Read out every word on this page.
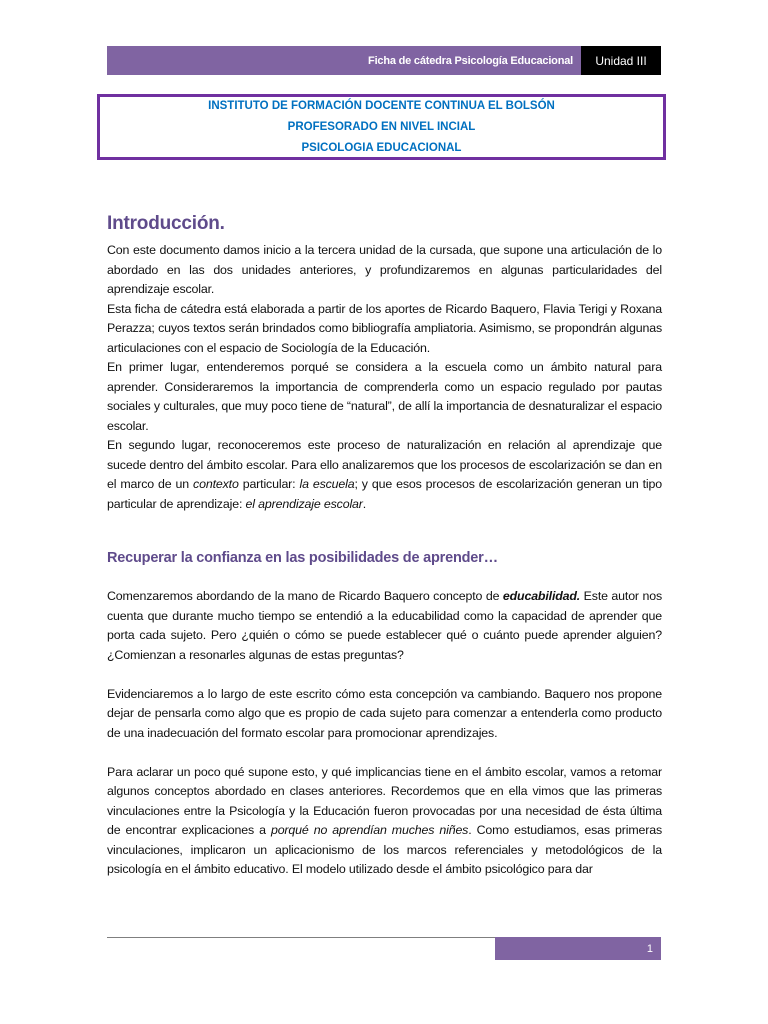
Ficha de cátedra Psicología Educacional	Unidad III
INSTITUTO DE FORMACIÓN DOCENTE CONTINUA EL BOLSÓN
PROFESORADO EN NIVEL INCIAL
PSICOLOGIA EDUCACIONAL
Introducción.

Con este documento damos inicio a la tercera unidad de la cursada, que supone una articulación de lo abordado en las dos unidades anteriores, y profundizaremos en algunas particularidades del aprendizaje escolar.

Esta ficha de cátedra está elaborada a partir de los aportes de Ricardo Baquero, Flavia Terigi y Roxana Perazza; cuyos textos serán brindados como bibliografía ampliatoria. Asimismo, se propondrán algunas articulaciones con el espacio de Sociología de la Educación.

En primer lugar, entenderemos porqué se considera a la escuela como un ámbito natural para aprender. Consideraremos la importancia de comprenderla como un espacio regulado por pautas sociales y culturales, que muy poco tiene de “natural”, de allí la importancia de desnaturalizar el espacio escolar.

En segundo lugar, reconoceremos este proceso de naturalización en relación al aprendizaje que sucede dentro del ámbito escolar. Para ello analizaremos que los procesos de escolarización se dan en el marco de un contexto particular: la escuela; y que esos procesos de escolarización generan un tipo particular de aprendizaje: el aprendizaje escolar.

Recuperar la confianza en las posibilidades de aprender…

Comenzaremos abordando de la mano de Ricardo Baquero concepto de educabilidad. Este autor nos cuenta que durante mucho tiempo se entendió a la educabilidad como la capacidad de aprender que porta cada sujeto. Pero ¿quién o cómo se puede establecer qué o cuánto puede aprender alguien? ¿Comienzan a resonarles algunas de estas preguntas?

Evidenciaremos a lo largo de este escrito cómo esta concepción va cambiando. Baquero nos propone dejar de pensarla como algo que es propio de cada sujeto para comenzar a entenderla como producto de una inadecuación del formato escolar para promocionar aprendizajes.

Para aclarar un poco qué supone esto, y qué implicancias tiene en el ámbito escolar, vamos a retomar algunos conceptos abordado en clases anteriores. Recordemos que en ella vimos que las primeras vinculaciones entre la Psicología y la Educación fueron provocadas por una necesidad de ésta última de encontrar explicaciones a porqué no aprendían muches niñes. Como estudiamos, esas primeras vinculaciones, implicaron un aplicacionismo de los marcos referenciales y metodológicos de la psicología en el ámbito educativo. El modelo utilizado desde el ámbito psicológico para dar

1
